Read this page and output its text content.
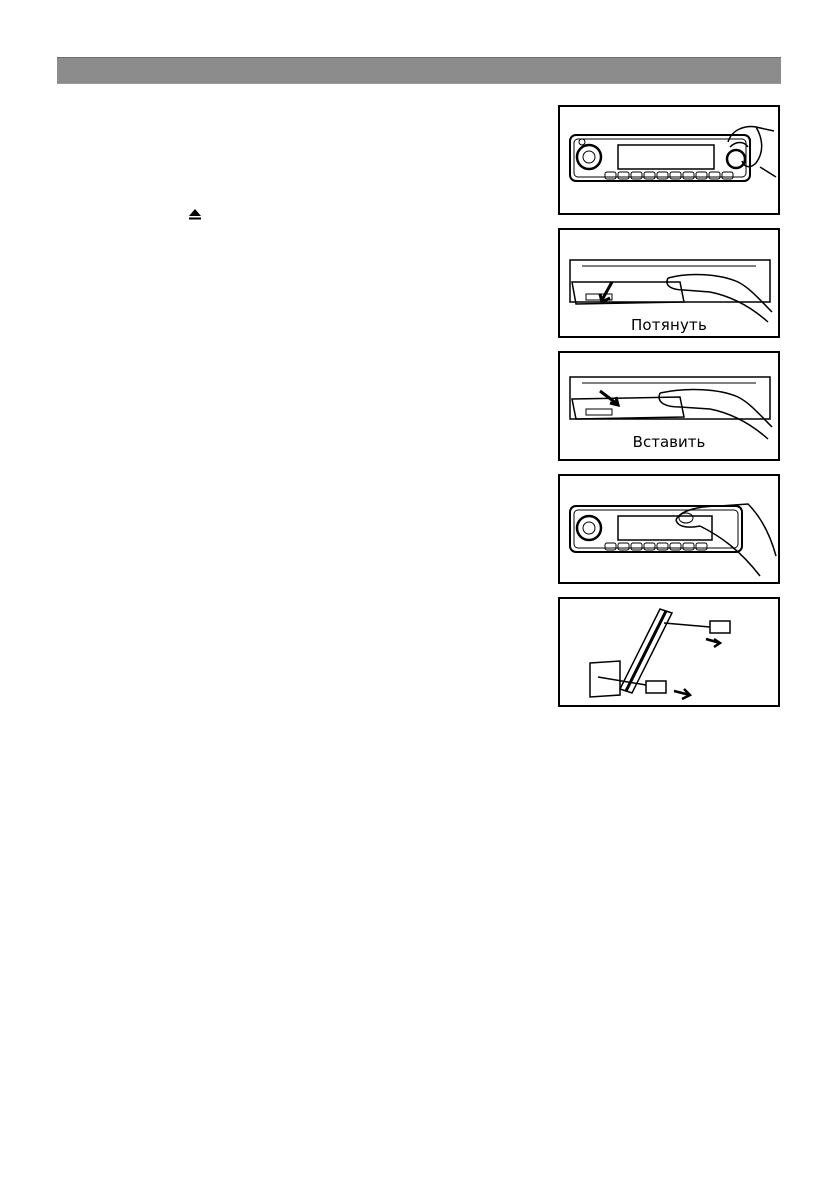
Потянуть
Вставить
